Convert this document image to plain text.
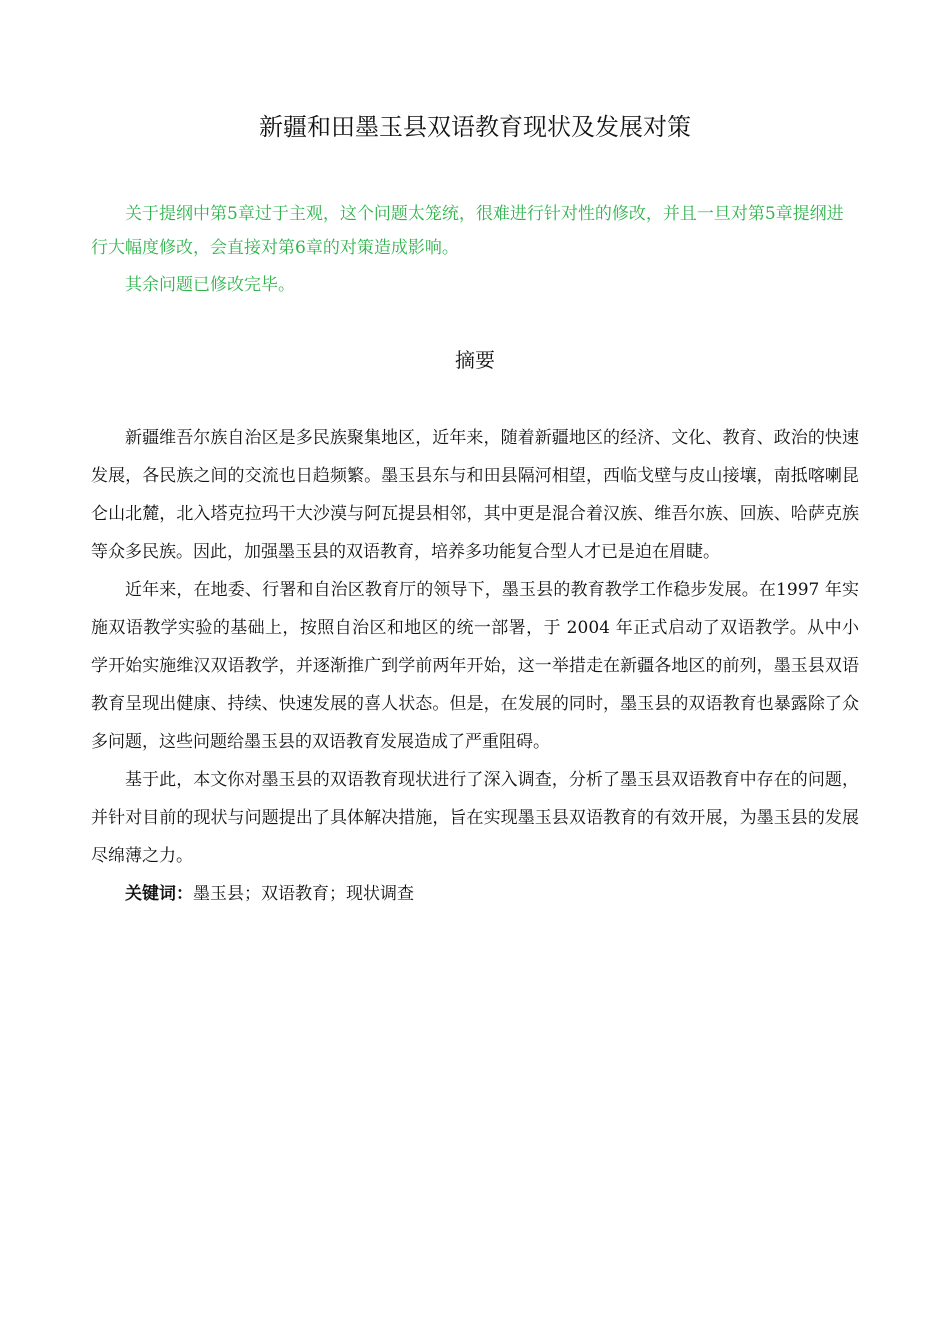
新疆和田墨玉县双语教育现状及发展对策

关于提纲中第5章过于主观，这个问题太笼统，很难进行针对性的修改，并且一旦对第5章提纲进行大幅度修改，会直接对第6章的对策造成影响。

其余问题已修改完毕。

摘要

新疆维吾尔族自治区是多民族聚集地区，近年来，随着新疆地区的经济、文化、教育、政治的快速发展，各民族之间的交流也日趋频繁。墨玉县东与和田县隔河相望，西临戈壁与皮山接壤，南抵喀喇昆仑山北麓，北入塔克拉玛干大沙漠与阿瓦提县相邻，其中更是混合着汉族、维吾尔族、回族、哈萨克族等众多民族。因此，加强墨玉县的双语教育，培养多功能复合型人才已是迫在眉睫。

近年来，在地委、行署和自治区教育厅的领导下，墨玉县的教育教学工作稳步发展。在1997 年实施双语教学实验的基础上，按照自治区和地区的统一部署，于 2004 年正式启动了双语教学。从中小学开始实施维汉双语教学，并逐渐推广到学前两年开始，这一举措走在新疆各地区的前列，墨玉县双语教育呈现出健康、持续、快速发展的喜人状态。但是，在发展的同时，墨玉县的双语教育也暴露除了众多问题，这些问题给墨玉县的双语教育发展造成了严重阻碍。

基于此，本文你对墨玉县的双语教育现状进行了深入调查，分析了墨玉县双语教育中存在的问题，并针对目前的现状与问题提出了具体解决措施，旨在实现墨玉县双语教育的有效开展，为墨玉县的发展尽绵薄之力。

关键词：墨玉县；双语教育；现状调查
